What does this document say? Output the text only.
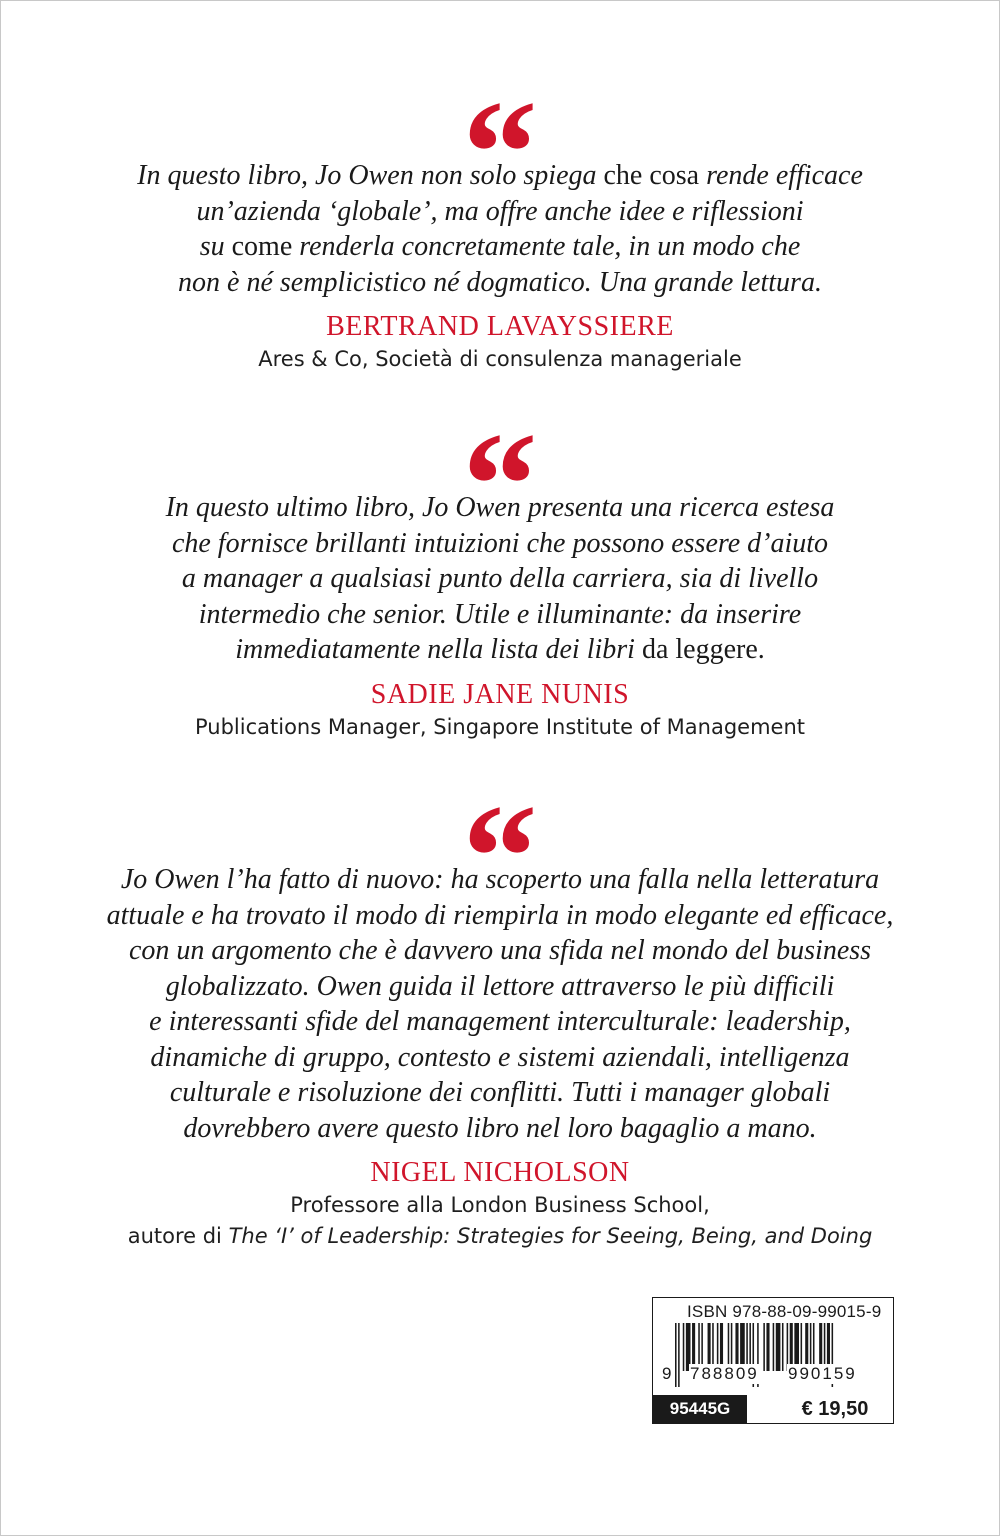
“
In questo libro, Jo Owen non solo spiega che cosa rende efficace
un’azienda ‘globale’, ma offre anche idee e riflessioni
su come renderla concretamente tale, in un modo che
non è né semplicistico né dogmatico. Una grande lettura.
BERTRAND LAVAYSSIERE
Ares & Co, Società di consulenza manageriale
“
In questo ultimo libro, Jo Owen presenta una ricerca estesa
che fornisce brillanti intuizioni che possono essere d’aiuto
a manager a qualsiasi punto della carriera, sia di livello
intermedio che senior. Utile e illuminante: da inserire
immediatamente nella lista dei libri da leggere.
SADIE JANE NUNIS
Publications Manager, Singapore Institute of Management
“
Jo Owen l’ha fatto di nuovo: ha scoperto una falla nella letteratura
attuale e ha trovato il modo di riempirla in modo elegante ed efficace,
con un argomento che è davvero una sfida nel mondo del business
globalizzato. Owen guida il lettore attraverso le più difficili
e interessanti sfide del management interculturale: leadership,
dinamiche di gruppo, contesto e sistemi aziendali, intelligenza
culturale e risoluzione dei conflitti. Tutti i manager globali
dovrebbero avere questo libro nel loro bagaglio a mano.
NIGEL NICHOLSON
Professore alla London Business School,
autore di The ‘I’ of Leadership: Strategies for Seeing, Being, and Doing
ISBN 978-88-09-99015-9
9 788809 990159
95445G	€ 19,50
